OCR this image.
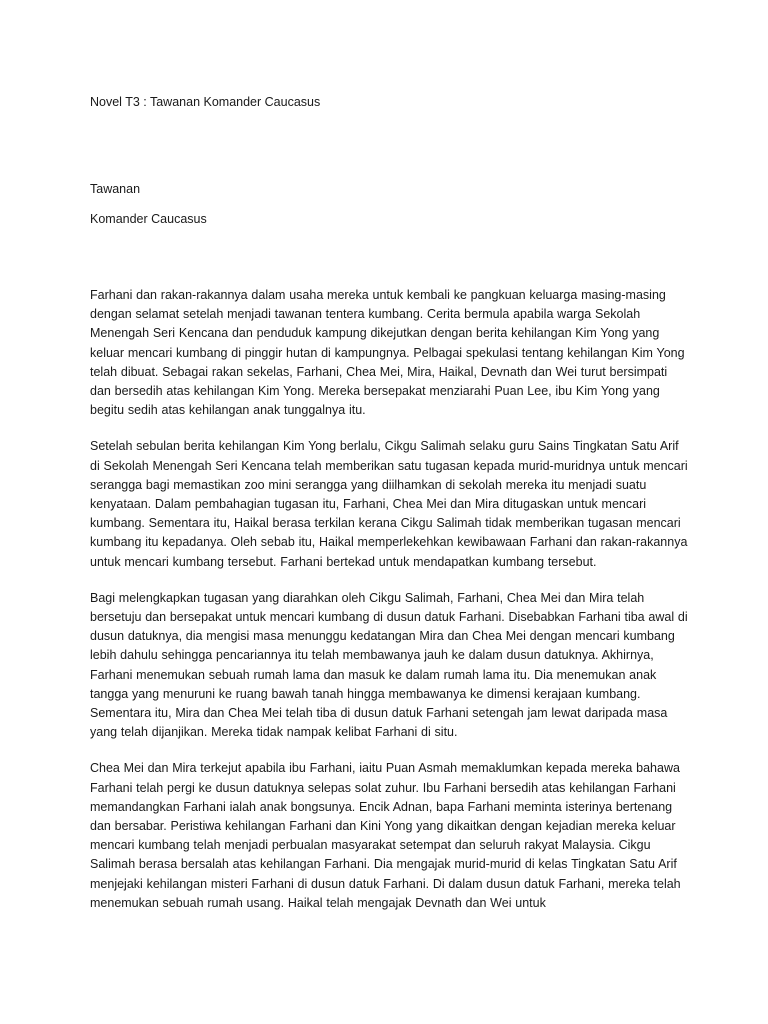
Novel T3 : Tawanan Komander Caucasus

Tawanan

Komander Caucasus

Farhani dan rakan-rakannya dalam usaha mereka untuk kembali ke pangkuan keluarga masing-masing dengan selamat setelah menjadi tawanan tentera kumbang. Cerita bermula apabila warga Sekolah Menengah Seri Kencana dan penduduk kampung dikejutkan dengan berita kehilangan Kim Yong yang keluar mencari kumbang di pinggir hutan di kampungnya. Pelbagai spekulasi tentang kehilangan Kim Yong telah dibuat. Sebagai rakan sekelas, Farhani, Chea Mei, Mira, Haikal, Devnath dan Wei turut bersimpati dan bersedih atas kehilangan Kim Yong. Mereka bersepakat menziarahi Puan Lee, ibu Kim Yong yang begitu sedih atas kehilangan anak tunggalnya itu.

Setelah sebulan berita kehilangan Kim Yong berlalu, Cikgu Salimah selaku guru Sains Tingkatan Satu Arif di Sekolah Menengah Seri Kencana telah memberikan satu tugasan kepada murid-muridnya untuk mencari serangga bagi memastikan zoo mini serangga yang diilhamkan di sekolah mereka itu menjadi suatu kenyataan. Dalam pembahagian tugasan itu, Farhani, Chea Mei dan Mira ditugaskan untuk mencari kumbang. Sementara itu, Haikal berasa terkilan kerana Cikgu Salimah tidak memberikan tugasan mencari kumbang itu kepadanya. Oleh sebab itu, Haikal memperlekehkan kewibawaan Farhani dan rakan-rakannya untuk mencari kumbang tersebut. Farhani bertekad untuk mendapatkan kumbang tersebut.

Bagi melengkapkan tugasan yang diarahkan oleh Cikgu Salimah, Farhani, Chea Mei dan Mira telah bersetuju dan bersepakat untuk mencari kumbang di dusun datuk Farhani. Disebabkan Farhani tiba awal di dusun datuknya, dia mengisi masa menunggu kedatangan Mira dan Chea Mei dengan mencari kumbang lebih dahulu sehingga pencariannya itu telah membawanya jauh ke dalam dusun datuknya. Akhirnya, Farhani menemukan sebuah rumah lama dan masuk ke dalam rumah lama itu. Dia menemukan anak tangga yang menuruni ke ruang bawah tanah hingga membawanya ke dimensi kerajaan kumbang. Sementara itu, Mira dan Chea Mei telah tiba di dusun datuk Farhani setengah jam lewat daripada masa yang telah dijanjikan. Mereka tidak nampak kelibat Farhani di situ.

Chea Mei dan Mira terkejut apabila ibu Farhani, iaitu Puan Asmah memaklumkan kepada mereka bahawa Farhani telah pergi ke dusun datuknya selepas solat zuhur. Ibu Farhani bersedih atas kehilangan Farhani memandangkan Farhani ialah anak bongsunya. Encik Adnan, bapa Farhani meminta isterinya bertenang dan bersabar. Peristiwa kehilangan Farhani dan Kini Yong yang dikaitkan dengan kejadian mereka keluar mencari kumbang telah menjadi perbualan masyarakat setempat dan seluruh rakyat Malaysia. Cikgu Salimah berasa bersalah atas kehilangan Farhani. Dia mengajak murid-murid di kelas Tingkatan Satu Arif menjejaki kehilangan misteri Farhani di dusun datuk Farhani. Di dalam dusun datuk Farhani, mereka telah menemukan sebuah rumah usang. Haikal telah mengajak Devnath dan Wei untuk
